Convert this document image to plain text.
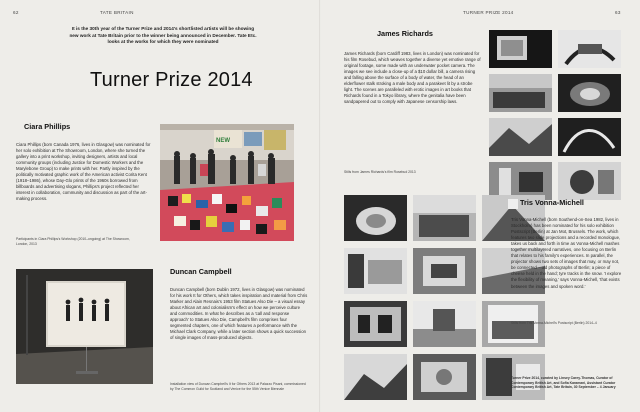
62	TATE BRITAIN
It is the 30th year of the Turner Prize and 2014's shortlisted artists will be showing new work at Tate Britain prior to the winner being announced in December. Tate Etc. looks at the works for which they were nominated
Turner Prize 2014
Ciara Phillips
Ciara Phillips (born Canada 1976, lives in Glasgow) was nominated for her solo exhibition at The Showroom, London, where she turned the gallery into a print workshop, inviting designers, artists and local community groups (including Justice for Domestic Workers and the Marylebone Group) to make prints with her. Partly inspired by the politically motivated graphic work of the American activist Corita Kent (1918–1986), whose Day-Glo prints of the 1960s borrowed from billboards and advertising slogans, Phillips's project reflected her interest in collaboration, community and discussion as part of the art-making process.
Participants in Ciara Phillips's Workshop (2010–ongoing) at The Showroom, London, 2013
NEW
Duncan Campbell
Duncan Campbell (born Dublin 1972, lives in Glasgow) was nominated for his work It for Others, which takes inspiration and material from Chris Marker and Alain Resnais's 1953 film Statues Also Die – a visual essay about African art and colonialism's effect on how we perceive culture and commodities. In what he describes as a 'call and response approach' to Statues Also Die, Campbell's film comprises four segmented chapters, one of which features a performance with the Michael Clark Company, while a later section shows a quick succession of single images of mass-produced objects.
Installation view of Duncan Campbell's It for Others 2013 at Palazzo Pisani, commissioned by The Common Guild for Scotland and Venice for the 55th Venice Biennale
TURNER PRIZE 2014	63
James Richards
James Richards (born Cardiff 1983, lives in London) was nominated for his film Rosebud, which weaves together a diverse yet emotive range of original footage, some made with an underwater pocket camera. The images we see include a close-up of a $10 dollar bill, a camera rising and falling above the surface of a body of water, the head of an elderflower stalk stroking a male body and a parakeet lit by a strobe light. The scenes are paralleled with erotic images in art books that Richards found in a Tokyo library, where the genitalia have been sandpapered out to comply with Japanese censorship laws.
Stills from James Richards's film Rosebud 2013
Tris Vonna-Michell
Tris Vonna-Michell (born Southend-on-Sea 1982, lives in Stockholm) has been nominated for his solo exhibition Postscript (Berlin) at Jan Mot, Brussels. The work, which features two slide projections and a recorded monologue, takes us back and forth in time as Vonna-Michell mashes together multilayered narratives, one focusing on Berlin that relates to his family's experiences. In parallel, the projector shows two sets of images that may, or may not, be connected – old photographs of Berlin; a piece of cheese held in the hand; tyre tracks in the snow. 'I explore the flexibility of meaning,' says Vonna-Michell, 'that exists between the images and spoken word.'
Stills from Tris Vonna-Michell's Postscript (Berlin) 2014–4
Turner Prize 2014, curated by Linsey Carey-Thomas, Curator of Contemporary British Art, and Sofia Karamani, Assistant Curator Contemporary British Art, Tate Britain, 30 September – 4 January
